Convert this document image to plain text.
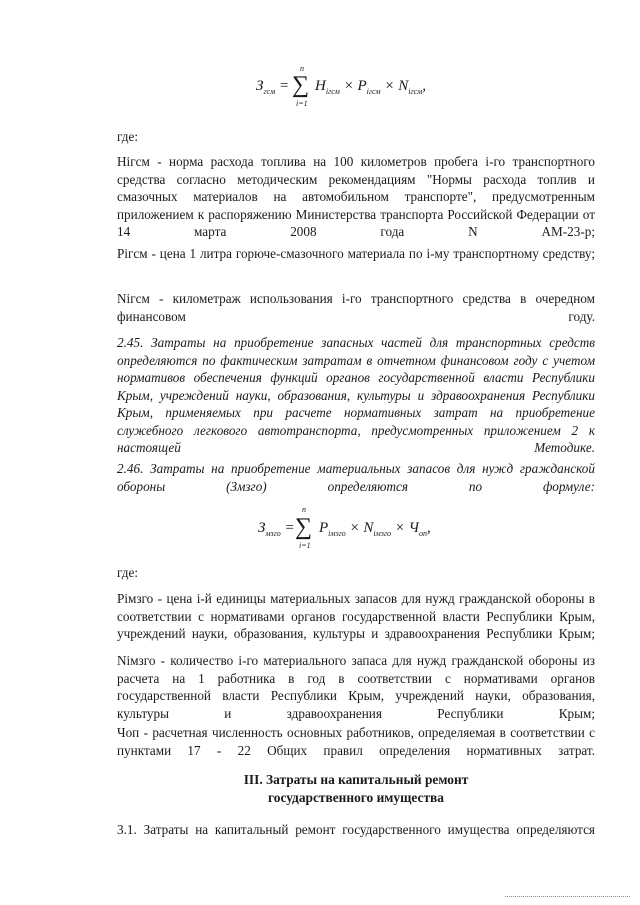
$З_{гсм}$ =
n
∑
i=1
$Н_{iгсм} \times Р_{iгсм} \times N_{iгсм}$,
где:
Нiгсм - норма расхода топлива на 100 километров пробега i-го транспортного средства согласно методическим рекомендациям "Нормы расхода топлив и смазочных материалов на автомобильном транспорте", предусмотренным приложением к распоряжению Министерства транспорта Российской Федерации от 14 марта 2008 года N АМ-23-р;
Рiгсм - цена 1 литра горюче-смазочного материала по i-му транспортному средству;
Niгсм - километраж использования i-го транспортного средства в очередном финансовом году.
2.45. Затраты на приобретение запасных частей для транспортных средств определяются по фактическим затратам в отчетном финансовом году с учетом нормативов обеспечения функций органов государственной власти Республики Крым, учреждений науки, образования, культуры и здравоохранения Республики Крым, применяемых при расчете нормативных затрат на приобретение служебного легкового автотранспорта, предусмотренных приложением 2 к настоящей Методике.
2.46. Затраты на приобретение материальных запасов для нужд гражданской обороны (Змзго) определяются по формуле:
$З_{мзго}$ =
n
∑
i=1
$Р_{iмзго} \times N_{iмзго} \times Ч_{оп}$,
где:
Рiмзго - цена i-й единицы материальных запасов для нужд гражданской обороны в соответствии с нормативами органов государственной власти Республики Крым, учреждений науки, образования, культуры и здравоохранения Республики Крым;
Niмзго - количество i-го материального запаса для нужд гражданской обороны из расчета на 1 работника в год в соответствии с нормативами органов государственной власти Республики Крым, учреждений науки, образования, культуры и здравоохранения Республики Крым;
Чоп - расчетная численность основных работников, определяемая в соответствии с пунктами 17 - 22 Общих правил определения нормативных затрат.
III. Затраты на капитальный ремонт
государственного имущества
3.1. Затраты на капитальный ремонт государственного имущества определяются
